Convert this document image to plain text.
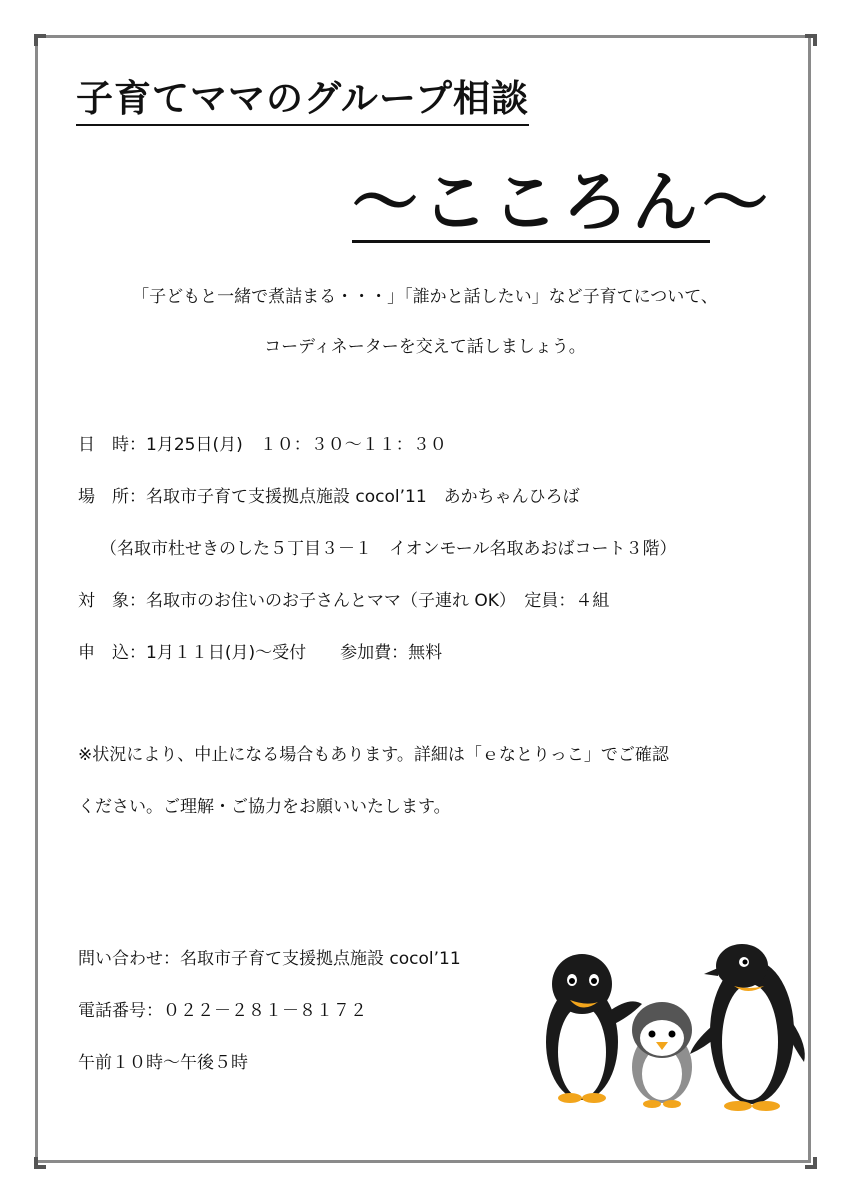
子育てママのグループ相談
～こころん～

「子どもと一緒で煮詰まる・・・」「誰かと話したい」など子育てについて、

コーディネーターを交えて話しましょう。

日　時：1月25日(月)　１０：３０～１１：３０

場　所：名取市子育て支援拠点施設 cocol’11　あかちゃんひろば

（名取市杜せきのした５丁目３－１　イオンモール名取あおばコート３階）

対　象：名取市のお住いのお子さんとママ（子連れ OK）　定員：４組

申　込：1月１１日(月)～受付　　参加費：無料

※状況により、中止になる場合もあります。詳細は「ｅなとりっこ」でご確認

ください。ご理解・ご協力をお願いいたします。

問い合わせ：名取市子育て支援拠点施設 cocol’11

電話番号：０２２－２８１－８１７２

午前１０時～午後５時
